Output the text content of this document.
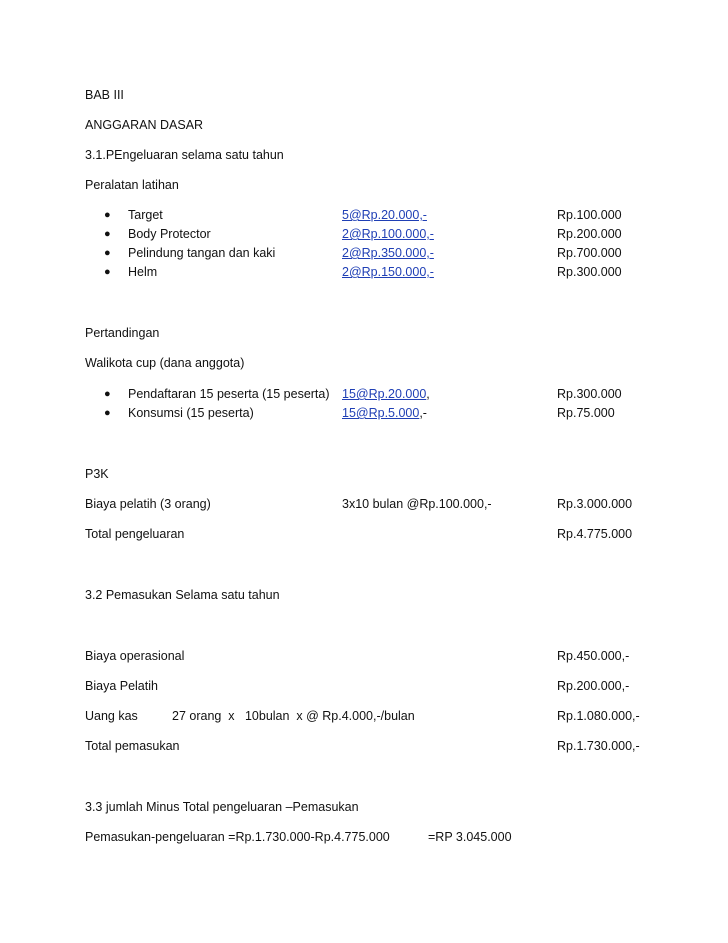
BAB III
ANGGARAN DASAR
3.1.PEngeluaran selama satu tahun
Peralatan latihan
● Target	5@Rp.20.000,-	Rp.100.000
● Body Protector	2@Rp.100.000,-	Rp.200.000
● Pelindung tangan dan kaki	2@Rp.350.000,-	Rp.700.000
● Helm	2@Rp.150.000,-	Rp.300.000
Pertandingan
Walikota cup (dana anggota)
● Pendaftaran 15 peserta (15 peserta) 15@Rp.20.000,	Rp.300.000
● Konsumsi (15 peserta)	15@Rp.5.000,-	Rp.75.000
P3K
Biaya pelatih (3 orang)	3x10 bulan @Rp.100.000,-	Rp.3.000.000
Total pengeluaran	Rp.4.775.000
3.2 Pemasukan Selama satu tahun
Biaya operasional	Rp.450.000,-
Biaya Pelatih	Rp.200.000,-
Uang kas	27 orang  x   10bulan  x @ Rp.4.000,-/bulan	Rp.1.080.000,-
Total pemasukan	Rp.1.730.000,-
3.3 jumlah Minus Total pengeluaran –Pemasukan
Pemasukan-pengeluaran =Rp.1.730.000-Rp.4.775.000	=RP 3.045.000
